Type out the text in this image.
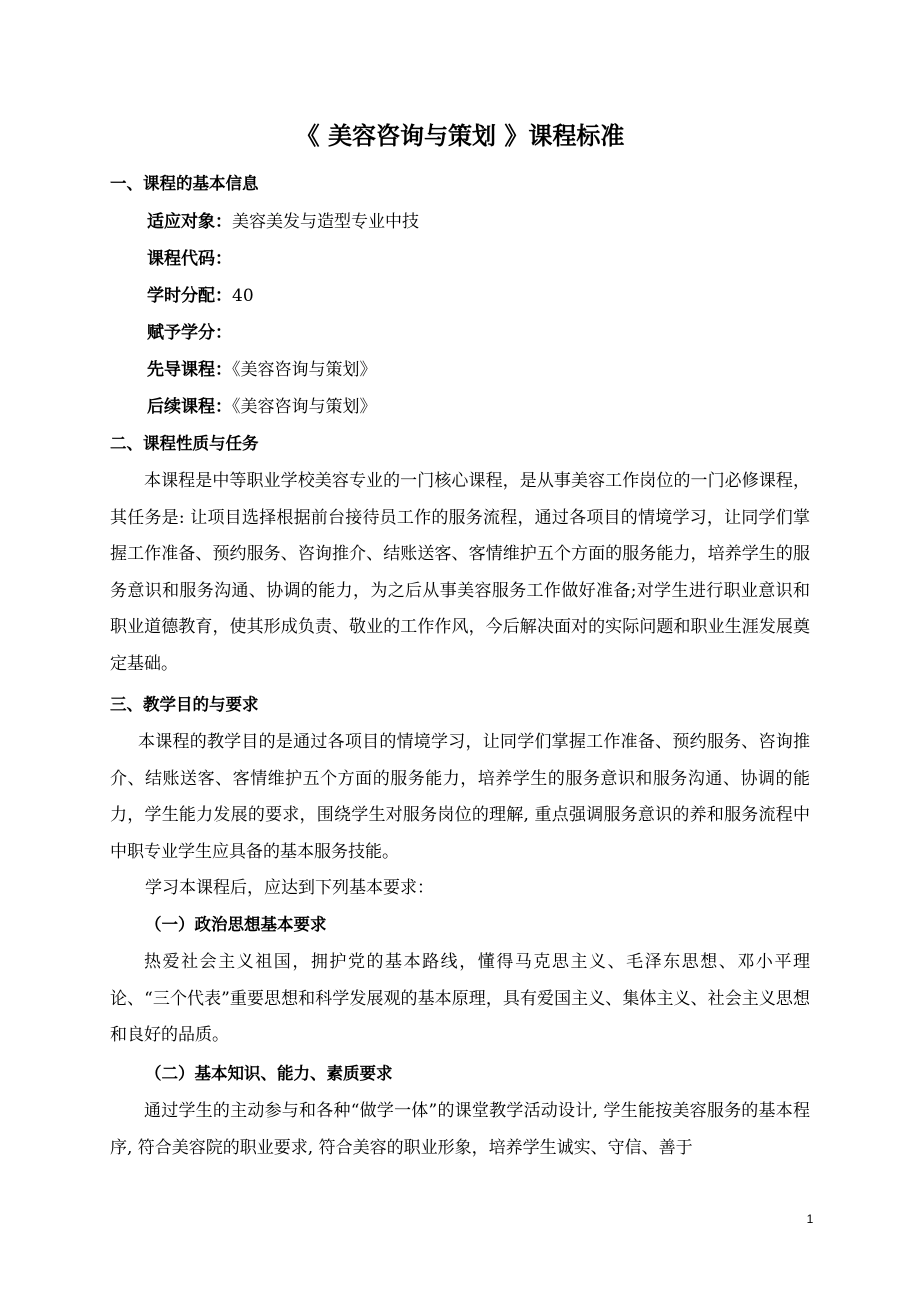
《 美容咨询与策划 》课程标准
一、课程的基本信息
适应对象：美容美发与造型专业中技
课程代码：
学时分配：40
赋予学分：
先导课程：《美容咨询与策划》
后续课程：《美容咨询与策划》
二、课程性质与任务
本课程是中等职业学校美容专业的一门核心课程，是从事美容工作岗位的一门必修课程，其任务是: 让项目选择根据前台接待员工作的服务流程，通过各项目的情境学习，让同学们掌握工作准备、预约服务、咨询推介、结账送客、客情维护五个方面的服务能力，培养学生的服务意识和服务沟通、协调的能力，为之后从事美容服务工作做好准备;对学生进行职业意识和职业道德教育，使其形成负责、敬业的工作作风，今后解决面对的实际问题和职业生涯发展奠定基础。
三、教学目的与要求
本课程的教学目的是通过各项目的情境学习，让同学们掌握工作准备、预约服务、咨询推介、结账送客、客情维护五个方面的服务能力，培养学生的服务意识和服务沟通、协调的能力，学生能力发展的要求，围绕学生对服务岗位的理解, 重点强调服务意识的养和服务流程中中职专业学生应具备的基本服务技能。
学习本课程后，应达到下列基本要求：
（一）政治思想基本要求
热爱社会主义祖国，拥护党的基本路线，懂得马克思主义、毛泽东思想、邓小平理论、“三个代表”重要思想和科学发展观的基本原理，具有爱国主义、集体主义、社会主义思想和良好的品质。
（二）基本知识、能力、素质要求
通过学生的主动参与和各种“做学一体”的课堂教学活动设计, 学生能按美容服务的基本程序, 符合美容院的职业要求, 符合美容的职业形象，培养学生诚实、守信、善于
1
